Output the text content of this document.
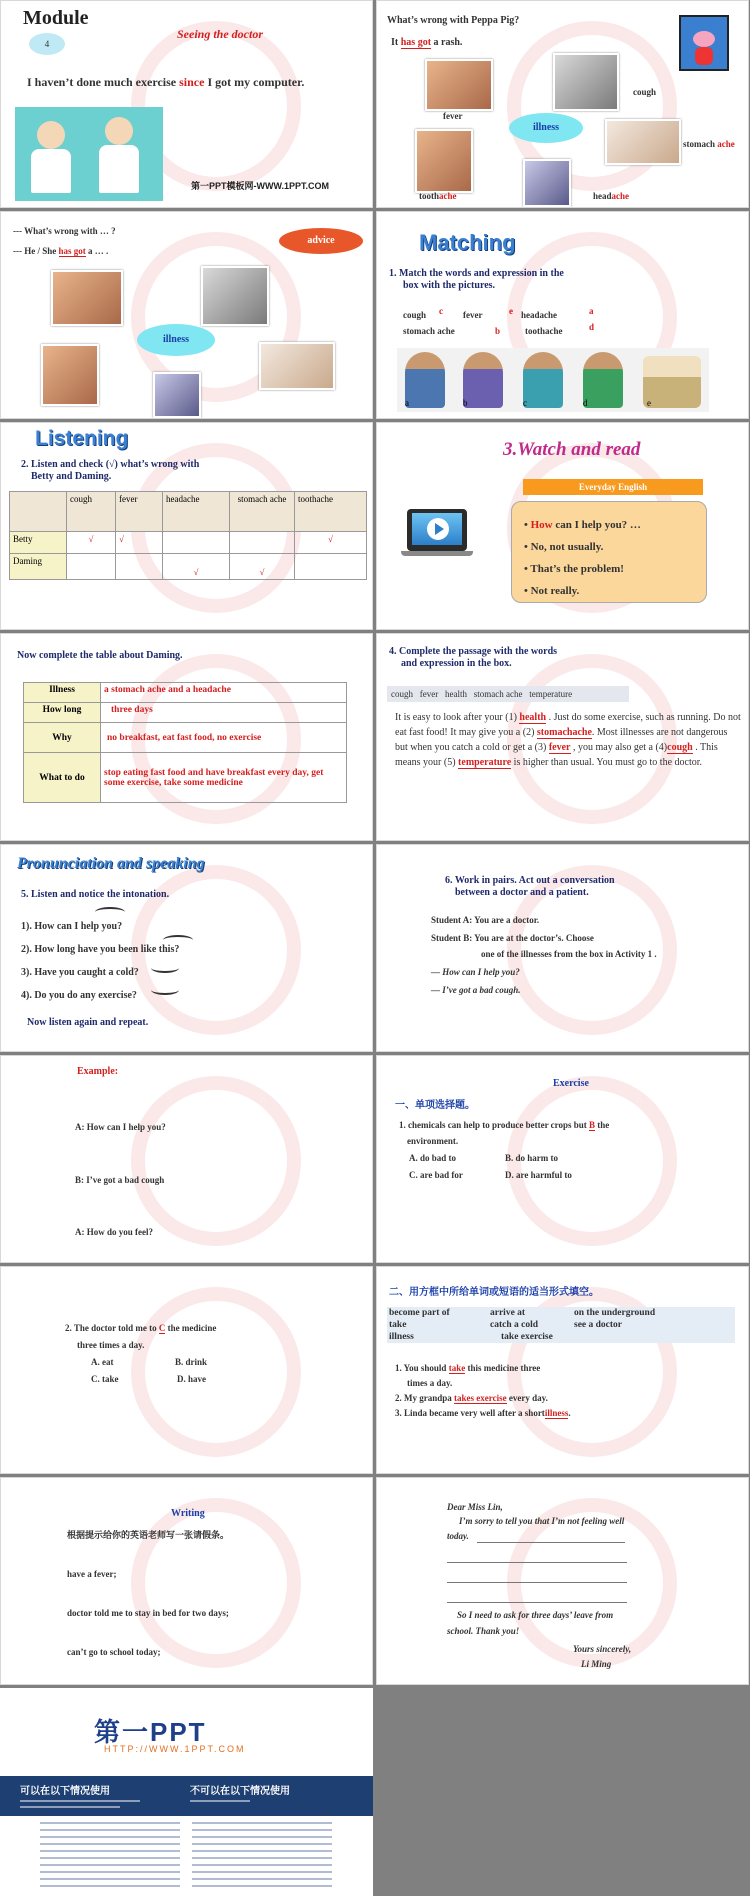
Module
4
Seeing the doctor
I haven’t done much exercise since I got my computer.
第一PPT模板网-WWW.1PPT.COM
What’s wrong with Peppa Pig?
It has got a rash.
fever
cough
illness
toothache
stomach ache
headache
--- What’s wrong with … ?
--- He / She has got a … .
advice
illness
Matching
1. Match the words and expression in the
box with the pictures.
cough c fever	e headache	a
stomach ache	b	toothache	d
a	b	c	d	e
Listening
2. Listen and check (√) what’s wrong with
Betty and Daming.
	cough	fever	headache	stomach ache	toothache
Betty	√	√			√
Daming			√	√	
3.Watch and read
Everyday English
• How can I help you? …
• No, not usually.
• That’s the problem!
• Not really.
Now complete the table about Daming.
Illness	a stomach ache and a headache
How long	three days
Why	no breakfast, eat fast food, no exercise
What to do	stop eating fast food and have breakfast every day, get some exercise, take some medicine
4. Complete the passage with the words
and expression in the box.
cough   fever   health   stomach ache   temperature
It is easy to look after your (1) health . Just do some exercise, such as running. Do not eat fast food! It may give you a (2) stomachache. Most illnesses are not dangerous but when you catch a cold or get a (3) fever , you may also get a (4)cough . This means your (5) temperature is higher than usual. You must go to the doctor.
Pronunciation and speaking
5. Listen and notice the intonation.
1). How can I help you?
2). How long have you been like this?
3). Have you caught a cold?
4). Do you do any exercise?
Now listen again and repeat.
6. Work in pairs. Act out a conversation
between a doctor and a patient.
Student A: You are a doctor.
Student B: You are at the doctor’s. Choose
one of the illnesses from the box in Activity 1 .
— How can I help you?
— I’ve got a bad cough.
Example:

A: How can I help you?

B: I’ve got a bad cough

A: How do you feel?

Exercise
一、单项选择题。
1. chemicals can help to produce better crops but B the
environment.
A. do bad to	B. do harm to
C. are bad for	D. are harmful to
2. The doctor told me to C the medicine
three times a day.
A. eat	B. drink
C. take	D. have
二、用方框中所给单词或短语的适当形式填空。
become part of	arrive at	on the underground
take	catch a cold	see a doctor
illness	take exercise	
1. You should take this medicine three
times a day.
2. My grandpa takes exercise every day.
3. Linda became very well after a shortillness.
Writing
根据提示给你的英语老师写一张请假条。

have a fever;

doctor told me to stay in bed for two days;

can’t go to school today;

Dear Miss Lin,
I’m sorry to tell you that I’m not feeling well
today.
So I need to ask for three days’ leave from
school. Thank you!
Yours sincerely,
Li Ming
第一PPT
HTTP://WWW.1PPT.COM
可以在以下情况使用	不可以在以下情况使用
